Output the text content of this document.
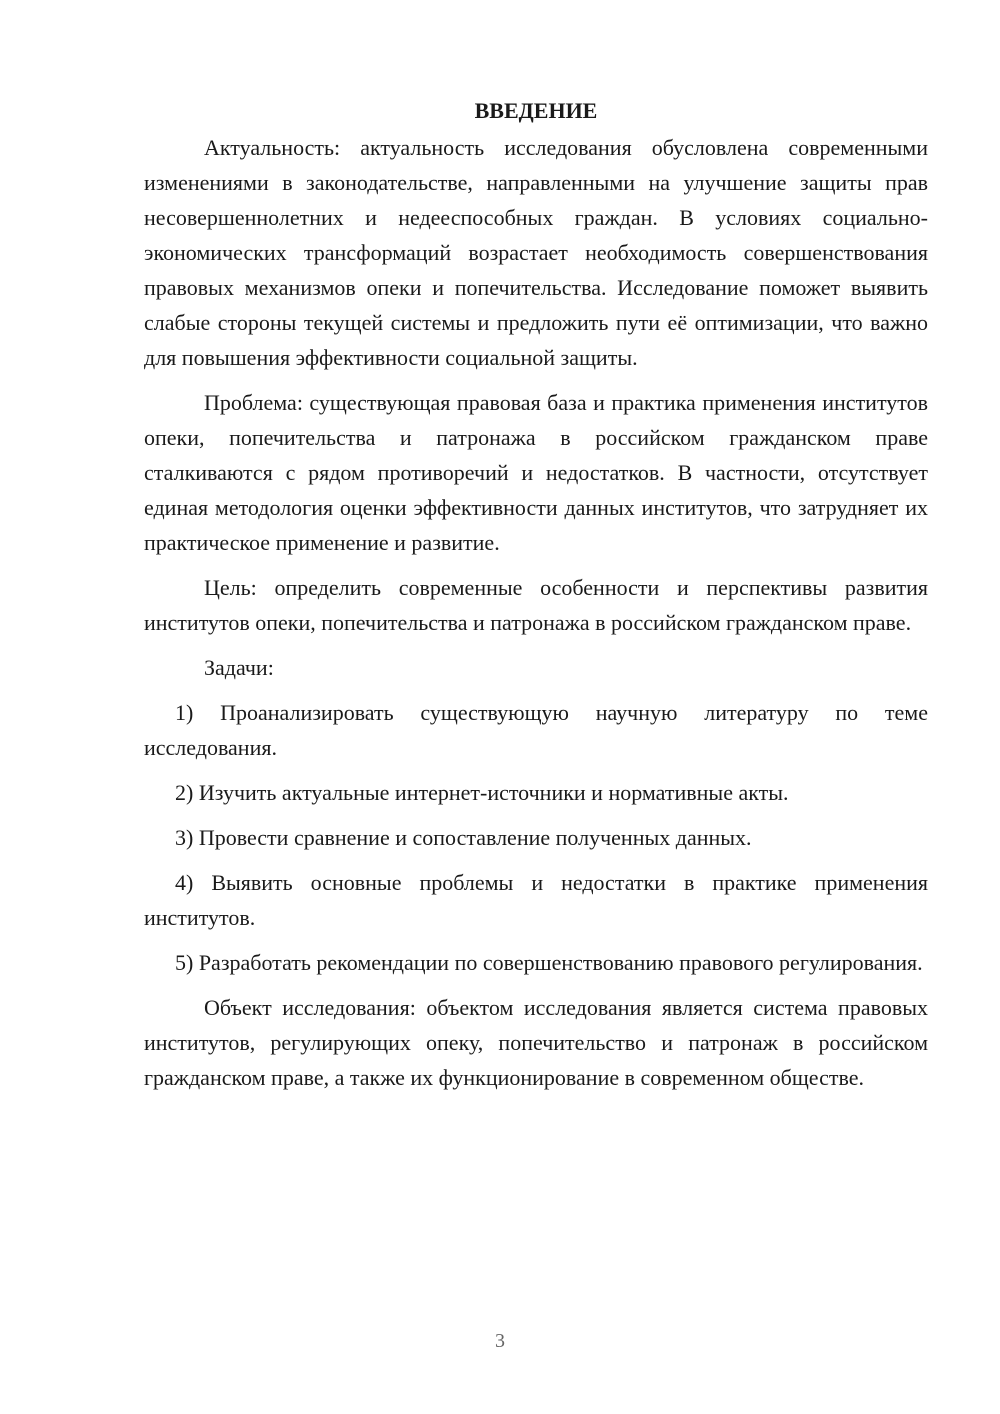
ВВЕДЕНИЕ

Актуальность: актуальность исследования обусловлена современными изменениями в законодательстве, направленными на улучшение защиты прав несовершеннолетних и недееспособных граждан. В условиях социально-экономических трансформаций возрастает необходимость совершенствования правовых механизмов опеки и попечительства. Исследование поможет выявить слабые стороны текущей системы и предложить пути её оптимизации, что важно для повышения эффективности социальной защиты.

Проблема: существующая правовая база и практика применения институтов опеки, попечительства и патронажа в российском гражданском праве сталкиваются с рядом противоречий и недостатков. В частности, отсутствует единая методология оценки эффективности данных институтов, что затрудняет их практическое применение и развитие.

Цель: определить современные особенности и перспективы развития институтов опеки, попечительства и патронажа в российском гражданском праве.

Задачи:

1) Проанализировать существующую научную литературу по теме исследования.

2) Изучить актуальные интернет-источники и нормативные акты.

3) Провести сравнение и сопоставление полученных данных.

4) Выявить основные проблемы и недостатки в практике применения институтов.

5) Разработать рекомендации по совершенствованию правового регулирования.

Объект исследования: объектом исследования является система правовых институтов, регулирующих опеку, попечительство и патронаж в российском гражданском праве, а также их функционирование в современном обществе.

3
